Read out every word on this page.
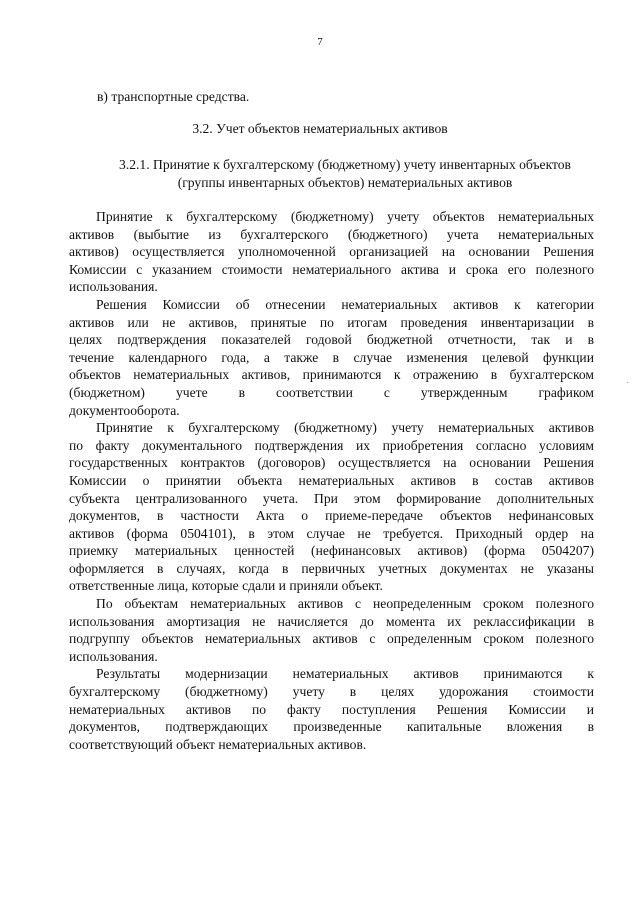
7
в) транспортные средства.
3.2. Учет объектов нематериальных активов
3.2.1. Принятие к бухгалтерскому (бюджетному) учету инвентарных объектов
(группы инвентарных объектов) нематериальных активов
Принятие к бухгалтерскому (бюджетному) учету объектов нематериальных
активов (выбытие из бухгалтерского (бюджетного) учета нематериальных
активов) осуществляется уполномоченной организацией на основании Решения
Комиссии с указанием стоимости нематериального актива и срока его полезного
использования.
Решения Комиссии об отнесении нематериальных активов к категории
активов или не активов, принятые по итогам проведения инвентаризации в
целях подтверждения показателей годовой бюджетной отчетности, так и в
течение календарного года, а также в случае изменения целевой функции
объектов нематериальных активов, принимаются к отражению в бухгалтерском
(бюджетном) учете в соответствии с утвержденным графиком
документооборота.
Принятие к бухгалтерскому (бюджетному) учету нематериальных активов
по факту документального подтверждения их приобретения согласно условиям
государственных контрактов (договоров) осуществляется на основании Решения
Комиссии о принятии объекта нематериальных активов в состав активов
субъекта централизованного учета. При этом формирование дополнительных
документов, в частности Акта о приеме-передаче объектов нефинансовых
активов (форма 0504101), в этом случае не требуется. Приходный ордер на
приемку материальных ценностей (нефинансовых активов) (форма 0504207)
оформляется в случаях, когда в первичных учетных документах не указаны
ответственные лица, которые сдали и приняли объект.
По объектам нематериальных активов с неопределенным сроком полезного
использования амортизация не начисляется до момента их реклассификации в
подгруппу объектов нематериальных активов с определенным сроком полезного
использования.
Результаты модернизации нематериальных активов принимаются к
бухгалтерскому (бюджетному) учету в целях удорожания стоимости
нематериальных активов по факту поступления Решения Комиссии и
документов, подтверждающих произведенные капитальные вложения в
соответствующий объект нематериальных активов.
·
